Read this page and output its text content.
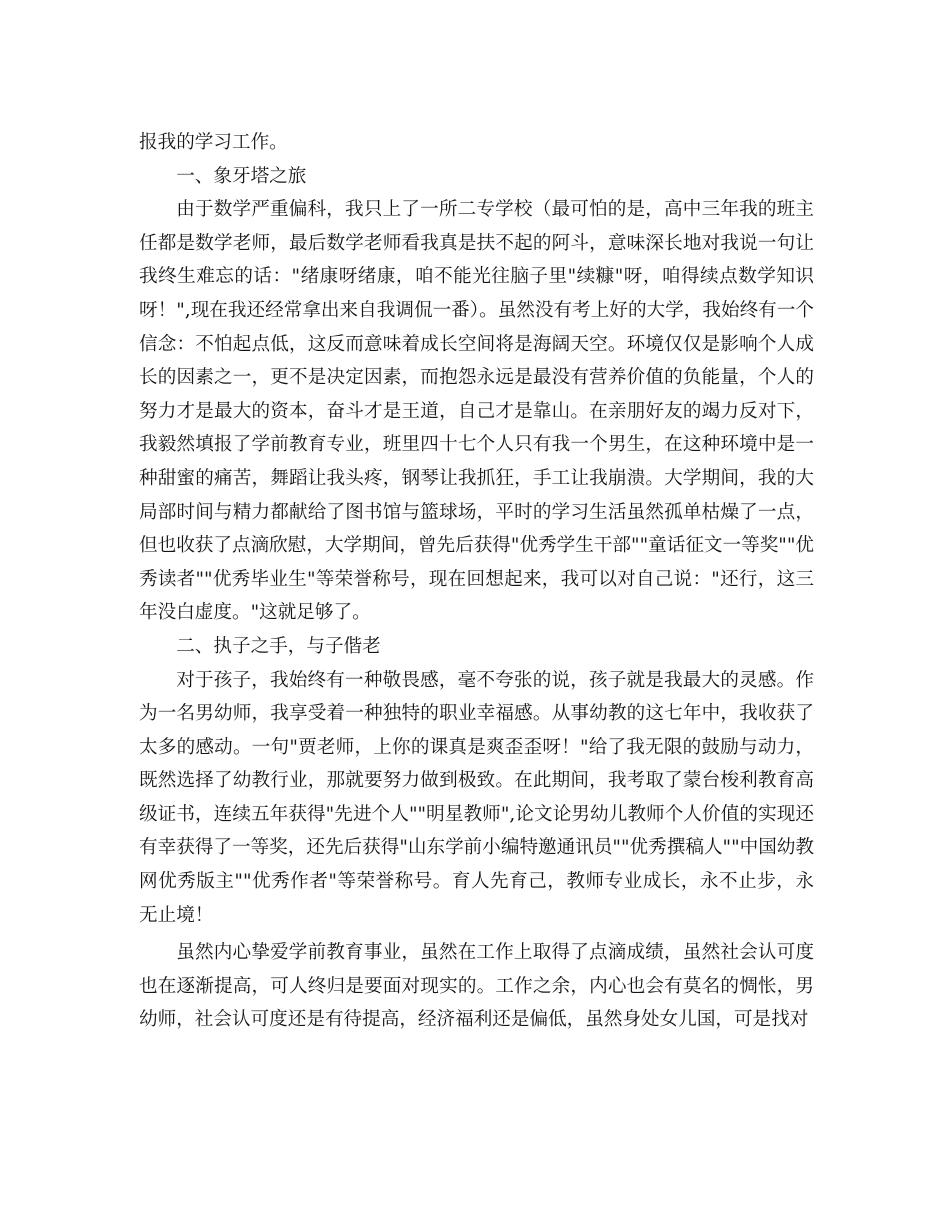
报我的学习工作。

一、象牙塔之旅

由于数学严重偏科，我只上了一所二专学校（最可怕的是，高中三年我的班主任都是数学老师，最后数学老师看我真是扶不起的阿斗，意味深长地对我说一句让我终生难忘的话："绪康呀绪康，咱不能光往脑子里"续糠"呀，咱得续点数学知识呀！",现在我还经常拿出来自我调侃一番）。虽然没有考上好的大学，我始终有一个信念：不怕起点低，这反而意味着成长空间将是海阔天空。环境仅仅是影响个人成长的因素之一，更不是决定因素，而抱怨永远是最没有营养价值的负能量，个人的努力才是最大的资本，奋斗才是王道，自己才是靠山。在亲朋好友的竭力反对下，我毅然填报了学前教育专业，班里四十七个人只有我一个男生，在这种环境中是一种甜蜜的痛苦，舞蹈让我头疼，钢琴让我抓狂，手工让我崩溃。大学期间，我的大局部时间与精力都献给了图书馆与篮球场，平时的学习生活虽然孤单枯燥了一点，但也收获了点滴欣慰，大学期间，曾先后获得"优秀学生干部""童话征文一等奖""优秀读者""优秀毕业生"等荣誉称号，现在回想起来，我可以对自己说："还行，这三年没白虚度。"这就足够了。

二、执子之手，与子偕老

对于孩子，我始终有一种敬畏感，毫不夸张的说，孩子就是我最大的灵感。作为一名男幼师，我享受着一种独特的职业幸福感。从事幼教的这七年中，我收获了太多的感动。一句"贾老师，上你的课真是爽歪歪呀！"给了我无限的鼓励与动力，既然选择了幼教行业，那就要努力做到极致。在此期间，我考取了蒙台梭利教育高级证书，连续五年获得"先进个人""明星教师",论文论男幼儿教师个人价值的实现还有幸获得了一等奖，还先后获得"山东学前小编特邀通讯员""优秀撰稿人""中国幼教网优秀版主""优秀作者"等荣誉称号。育人先育己，教师专业成长，永不止步，永无止境！

虽然内心挚爱学前教育事业，虽然在工作上取得了点滴成绩，虽然社会认可度也在逐渐提高，可人终归是要面对现实的。工作之余，内心也会有莫名的惆怅，男幼师，社会认可度还是有待提高，经济福利还是偏低，虽然身处女儿国，可是找对
